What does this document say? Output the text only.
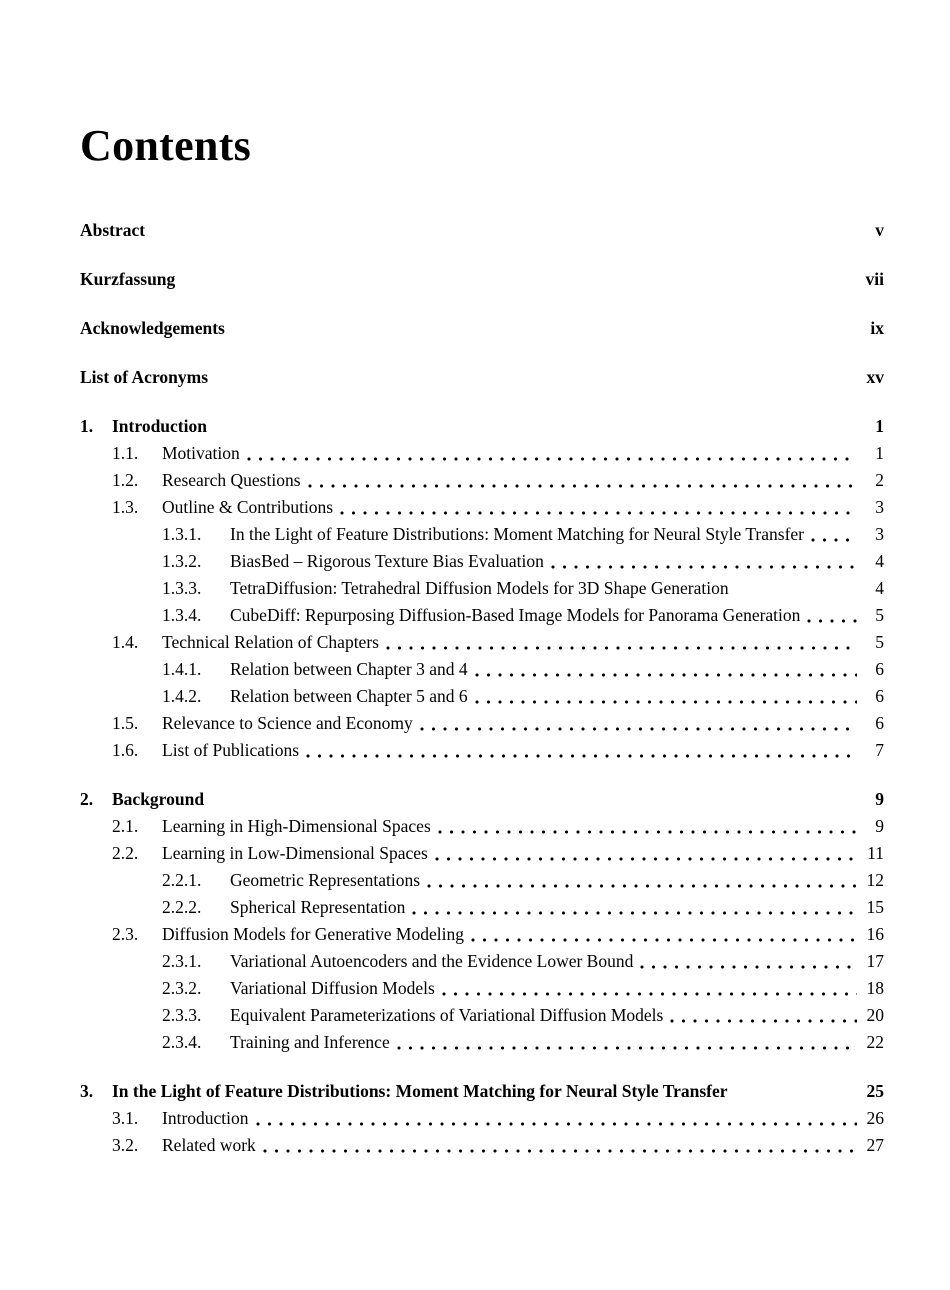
Contents
Abstract	v
Kurzfassung	vii
Acknowledgements	ix
List of Acronyms	xv
1.	Introduction	1
1.1.	Motivation	1
1.2.	Research Questions	2
1.3.	Outline & Contributions	3
1.3.1.	In the Light of Feature Distributions: Moment Matching for Neural Style Transfer	3
1.3.2.	BiasBed – Rigorous Texture Bias Evaluation	4
1.3.3.	TetraDiffusion: Tetrahedral Diffusion Models for 3D Shape Generation	4
1.3.4.	CubeDiff: Repurposing Diffusion-Based Image Models for Panorama Generation	5
1.4.	Technical Relation of Chapters	5
1.4.1.	Relation between Chapter 3 and 4	6
1.4.2.	Relation between Chapter 5 and 6	6
1.5.	Relevance to Science and Economy	6
1.6.	List of Publications	7
2.	Background	9
2.1.	Learning in High-Dimensional Spaces	9
2.2.	Learning in Low-Dimensional Spaces	11
2.2.1.	Geometric Representations	12
2.2.2.	Spherical Representation	15
2.3.	Diffusion Models for Generative Modeling	16
2.3.1.	Variational Autoencoders and the Evidence Lower Bound	17
2.3.2.	Variational Diffusion Models	18
2.3.3.	Equivalent Parameterizations of Variational Diffusion Models	20
2.3.4.	Training and Inference	22
3.	In the Light of Feature Distributions: Moment Matching for Neural Style Transfer	25
3.1.	Introduction	26
3.2.	Related work	27
